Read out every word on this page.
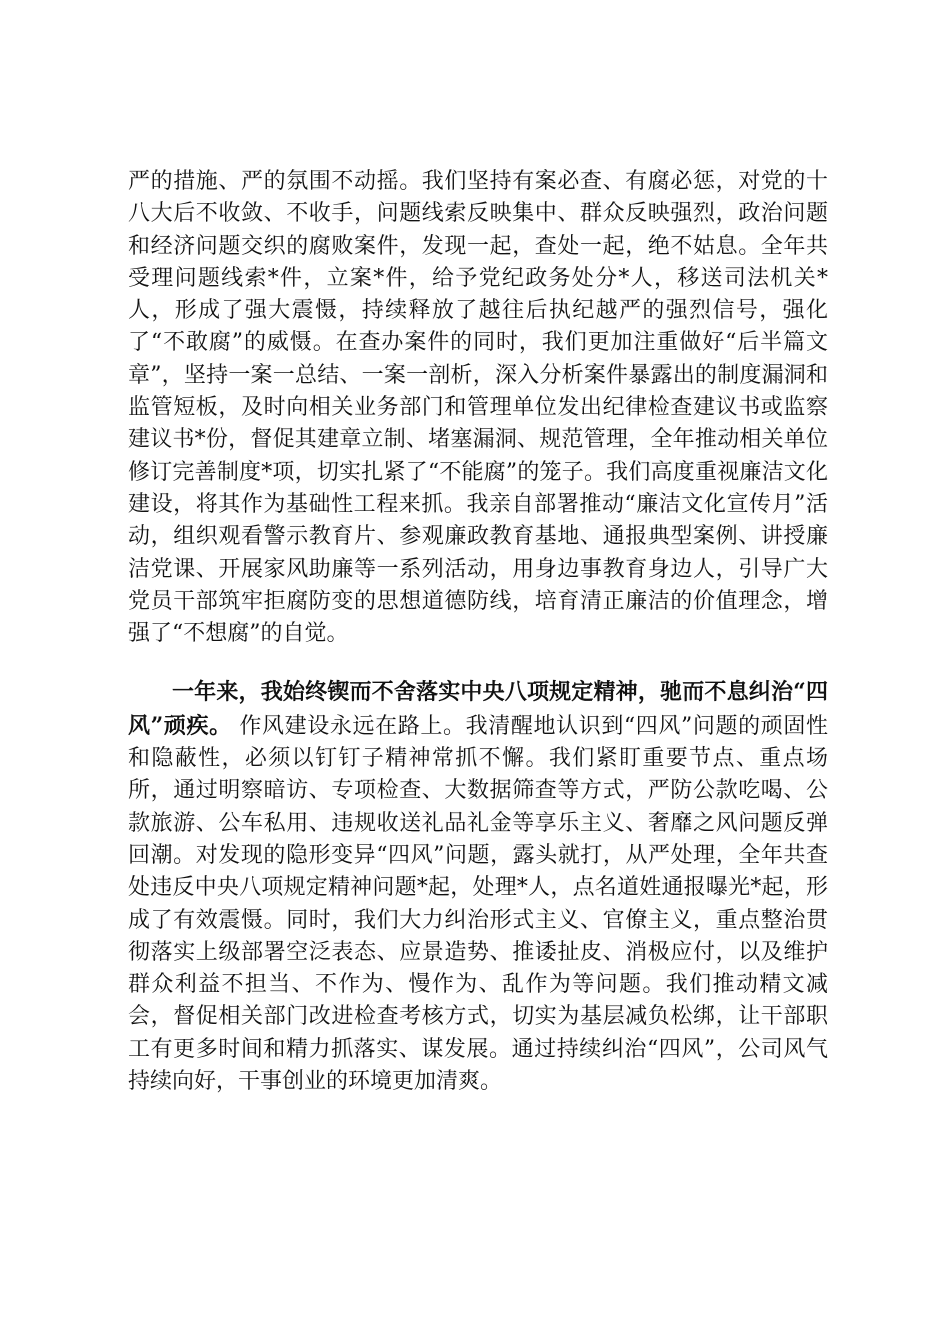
严的措施、严的氛围不动摇。我们坚持有案必查、有腐必惩，对党的十八大后不收敛、不收手，问题线索反映集中、群众反映强烈，政治问题和经济问题交织的腐败案件，发现一起，查处一起，绝不姑息。全年共受理问题线索*件，立案*件，给予党纪政务处分*人，移送司法机关*人，形成了强大震慑，持续释放了越往后执纪越严的强烈信号，强化了“不敢腐”的威慑。在查办案件的同时，我们更加注重做好“后半篇文章”，坚持一案一总结、一案一剖析，深入分析案件暴露出的制度漏洞和监管短板，及时向相关业务部门和管理单位发出纪律检查建议书或监察建议书*份，督促其建章立制、堵塞漏洞、规范管理，全年推动相关单位修订完善制度*项，切实扎紧了“不能腐”的笼子。我们高度重视廉洁文化建设，将其作为基础性工程来抓。我亲自部署推动“廉洁文化宣传月”活动，组织观看警示教育片、参观廉政教育基地、通报典型案例、讲授廉洁党课、开展家风助廉等一系列活动，用身边事教育身边人，引导广大党员干部筑牢拒腐防变的思想道德防线，培育清正廉洁的价值理念，增强了“不想腐”的自觉。

一年来，我始终锲而不舍落实中央八项规定精神，驰而不息纠治“四风”顽疾。 作风建设永远在路上。我清醒地认识到“四风”问题的顽固性和隐蔽性，必须以钉钉子精神常抓不懈。我们紧盯重要节点、重点场所，通过明察暗访、专项检查、大数据筛查等方式，严防公款吃喝、公款旅游、公车私用、违规收送礼品礼金等享乐主义、奢靡之风问题反弹回潮。对发现的隐形变异“四风”问题，露头就打，从严处理，全年共查处违反中央八项规定精神问题*起，处理*人，点名道姓通报曝光*起，形成了有效震慑。同时，我们大力纠治形式主义、官僚主义，重点整治贯彻落实上级部署空泛表态、应景造势、推诿扯皮、消极应付，以及维护群众利益不担当、不作为、慢作为、乱作为等问题。我们推动精文减会，督促相关部门改进检查考核方式，切实为基层减负松绑，让干部职工有更多时间和精力抓落实、谋发展。通过持续纠治“四风”，公司风气持续向好，干事创业的环境更加清爽。
